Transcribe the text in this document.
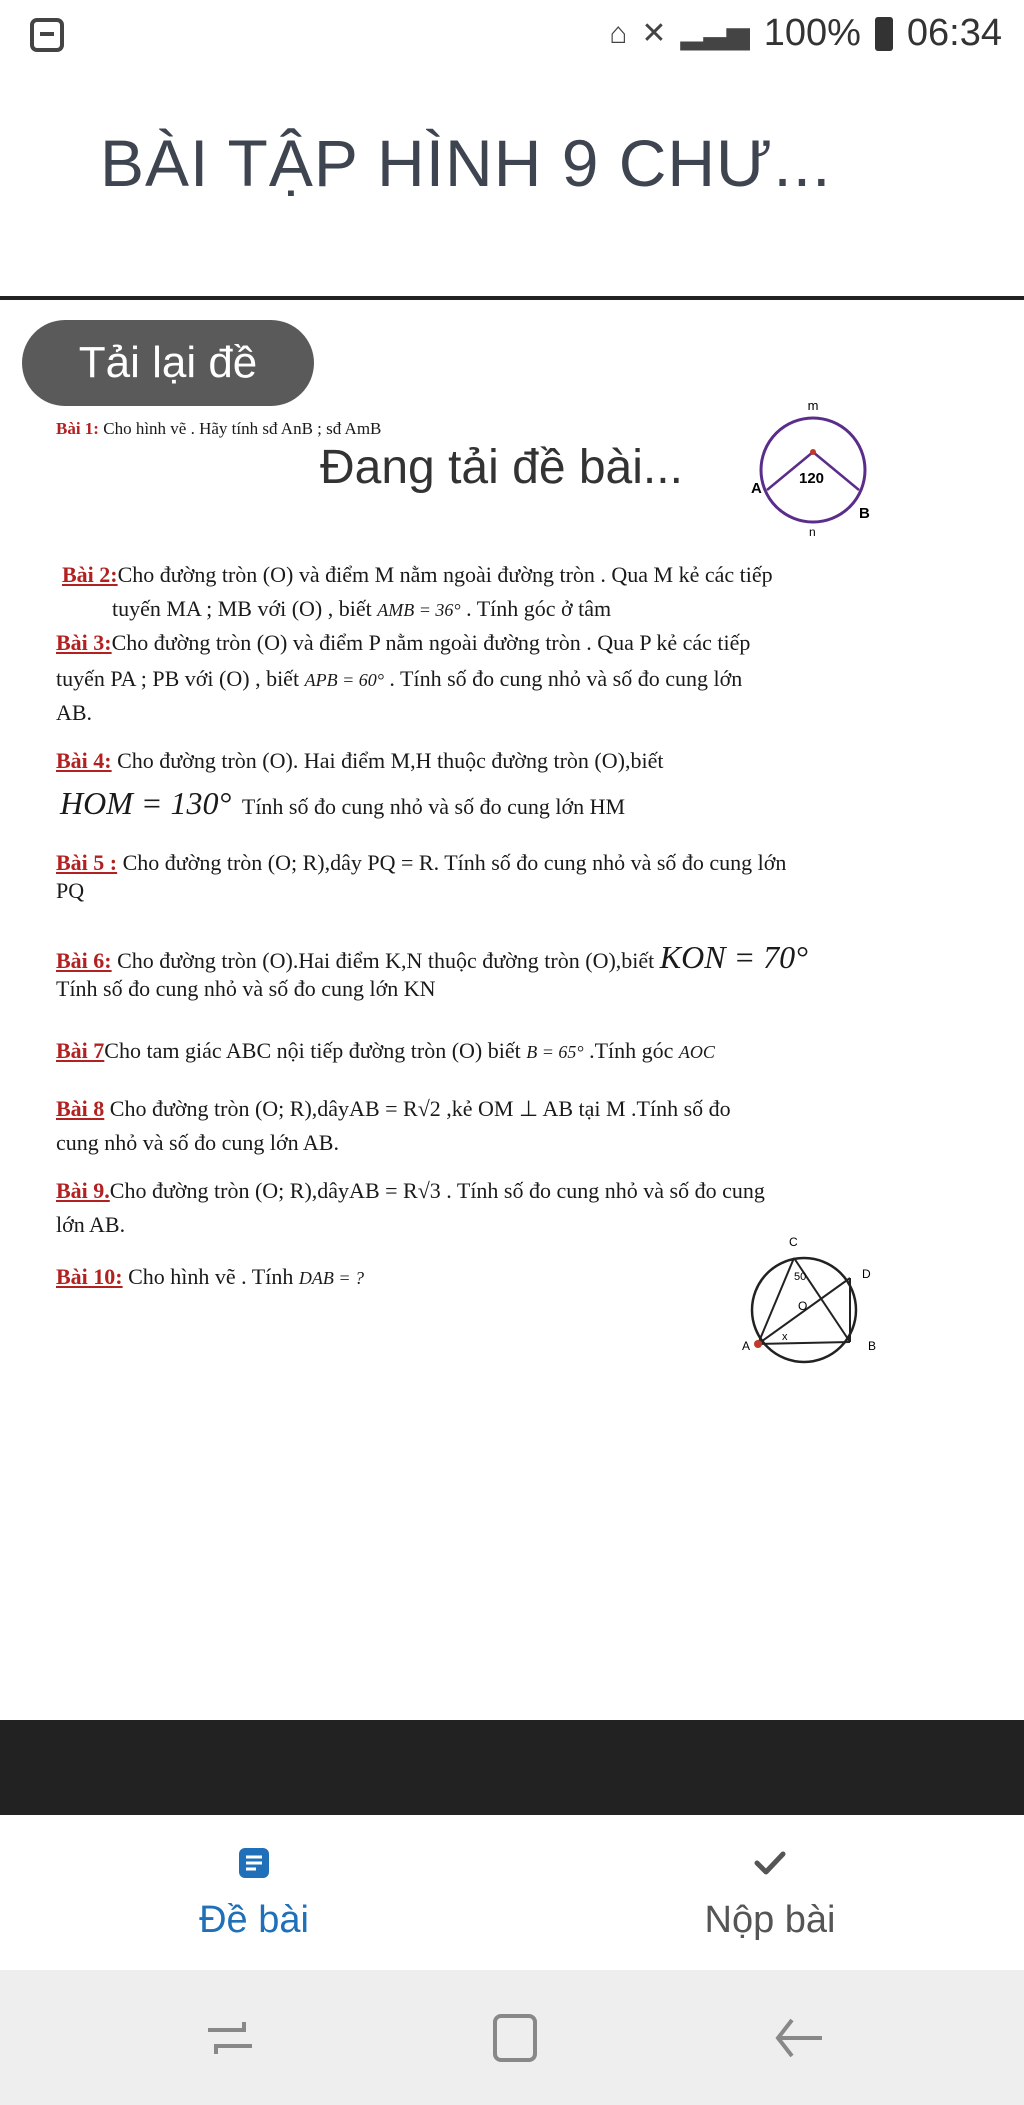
⌂ ✕ ▂▃▅ 100% 06:34
BÀI TẬP HÌNH 9 CHƯ...
Tải lại đề
Bài 1: Cho hình vẽ . Hãy tính sđ AnB ; sđ AmB
Đang tải đề bài...
m
A
B
120
n
Bài 2:Cho đường tròn (O) và điểm M nằm ngoài đường tròn . Qua M kẻ các tiếp
tuyến MA ; MB với (O) , biết AMB = 36° . Tính góc ở tâm
Bài 3:Cho đường tròn (O) và điểm P nằm ngoài đường tròn . Qua P kẻ các tiếp
tuyến PA ; PB với (O) , biết APB = 60° . Tính số đo cung nhỏ và số đo cung lớn
AB.
Bài 4: Cho đường tròn (O). Hai điểm M,H thuộc đường tròn (O),biết
HOM = 130° Tính số đo cung nhỏ và số đo cung lớn HM
Bài 5 : Cho đường tròn (O; R),dây PQ = R. Tính số đo cung nhỏ và số đo cung lớn
PQ
Bài 6: Cho đường tròn (O).Hai điểm K,N thuộc đường tròn (O),biết KON = 70°
Tính số đo cung nhỏ và số đo cung lớn KN
Bài 7Cho tam giác ABC nội tiếp đường tròn (O) biết B = 65° .Tính góc AOC
Bài 8 Cho đường tròn (O; R),dâyAB = R√2 ,kẻ OM ⊥ AB tại M .Tính số đo
cung nhỏ và số đo cung lớn AB.
Bài 9.Cho đường tròn (O; R),dâyAB = R√3 . Tính số đo cung nhỏ và số đo cung
lớn AB.
Bài 10: Cho hình vẽ . Tính DAB = ?
C
D
A	B
50
O
x
Đề bài	Nộp bài
